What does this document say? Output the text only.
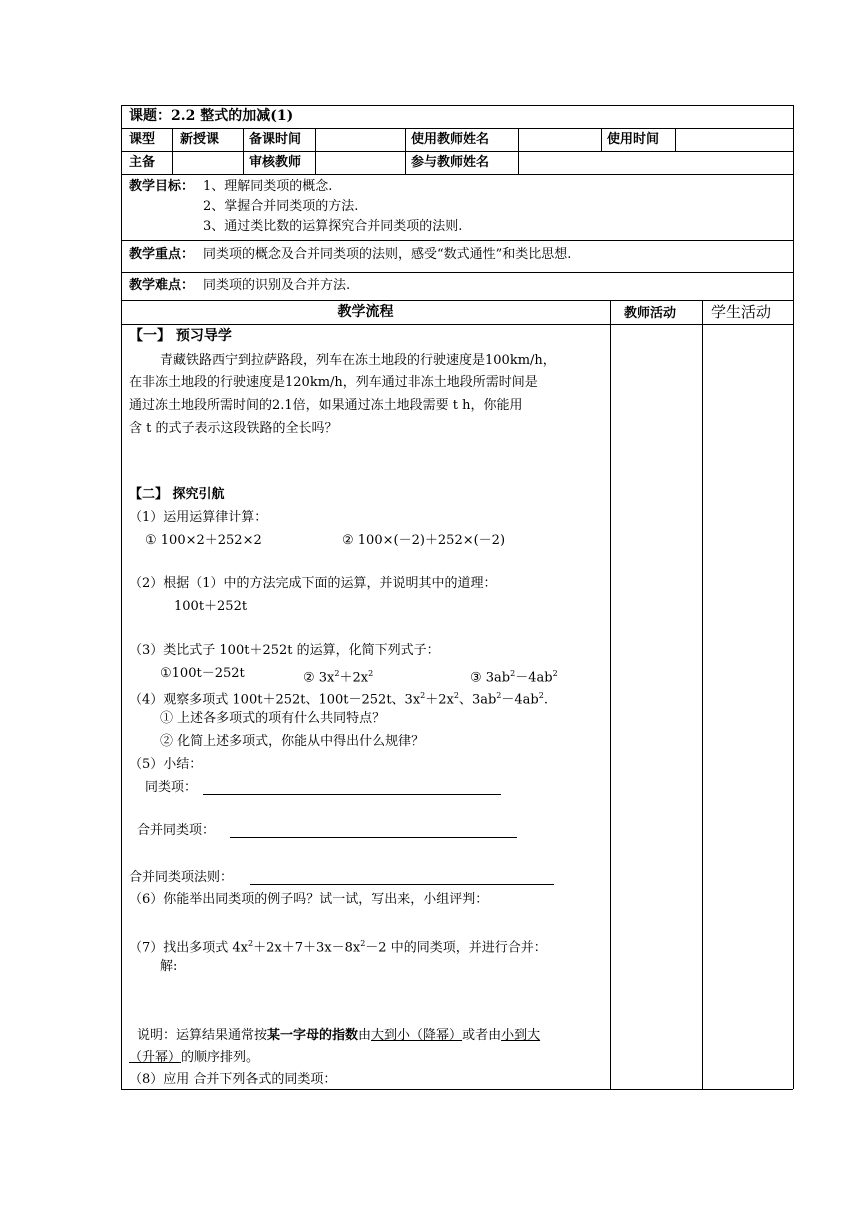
课题：2.2 整式的加减(1)
课型 新授课 备课时间	使用教师姓名	使用时间
主备	审核教师	参与教师姓名
教学目标： 1、理解同类项的概念.
2、掌握合并同类项的方法.
3、通过类比数的运算探究合并同类项的法则.
教学重点： 同类项的概念及合并同类项的法则，感受“数式通性”和类比思想.
教学难点： 同类项的识别及合并方法.
教学流程	教师活动 学生活动
【一】 预习导学
青藏铁路西宁到拉萨路段，列车在冻土地段的行驶速度是100km/h，
在非冻土地段的行驶速度是120km/h，列车通过非冻土地段所需时间是
通过冻土地段所需时间的2.1倍，如果通过冻土地段需要 t h，你能用
含 t 的式子表示这段铁路的全长吗？
【二】 探究引航
（1）运用运算律计算：
① 100×2＋252×2	② 100×(－2)＋252×(－2)
（2）根据（1）中的方法完成下面的运算，并说明其中的道理：
100t＋252t
（3）类比式子 100t＋252t 的运算，化简下列式子：
①100t－252t	② $3x^2+2x^2$	③ $3ab^2-4ab^2$
（4）观察多项式 100t＋252t、100t－252t、$3x^2+2x^2$、$3ab^2-4ab^2$.
① 上述各多项式的项有什么共同特点？
② 化简上述多项式，你能从中得出什么规律？
（5）小结：
同类项：
合并同类项：
合并同类项法则：
（6）你能举出同类项的例子吗？试一试，写出来，小组评判：
（7）找出多项式 $4x^2+2x+7+3x-8x^2-2$ 中的同类项，并进行合并：
解:
说明：运算结果通常按某一字母的指数由大到小（降幂）或者由小到大
（升幂）的顺序排列。
（8）应用 合并下列各式的同类项：
